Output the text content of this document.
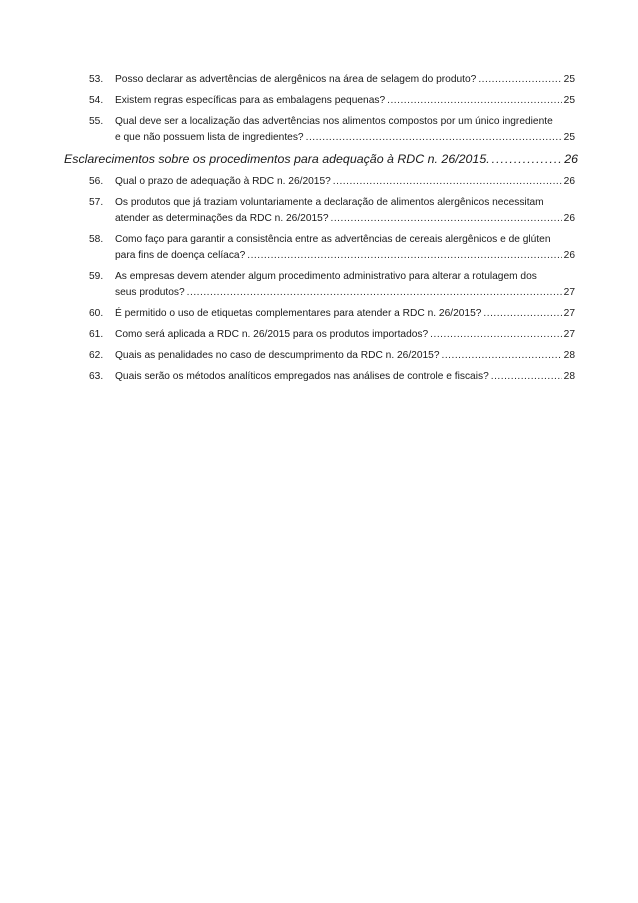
53. Posso declarar as advertências de alergênicos na área de selagem do produto? .....	25
54. Existem regras específicas para as embalagens pequenas? .....	25
55. Qual deve ser a localização das advertências nos alimentos compostos por um único ingrediente
e que não possuem lista de ingredientes? .....	25
Esclarecimentos sobre os procedimentos para adequação à RDC n. 26/2015. .....	26
56. Qual o prazo de adequação à RDC n. 26/2015? .....	26
57. Os produtos que já traziam voluntariamente a declaração de alimentos alergênicos necessitam
atender as determinações da RDC n. 26/2015? .....	26
58. Como faço para garantir a consistência entre as advertências de cereais alergênicos e de glúten
para fins de doença celíaca? .....	26
59. As empresas devem atender algum procedimento administrativo para alterar a rotulagem dos
seus produtos? .....	27
60. É permitido o uso de etiquetas complementares para atender a RDC n. 26/2015? .....	27
61. Como será aplicada a RDC n. 26/2015 para os produtos importados? .....	27
62. Quais as penalidades no caso de descumprimento da RDC n. 26/2015? .....	28
63. Quais serão os métodos analíticos empregados nas análises de controle e fiscais? .....	28
